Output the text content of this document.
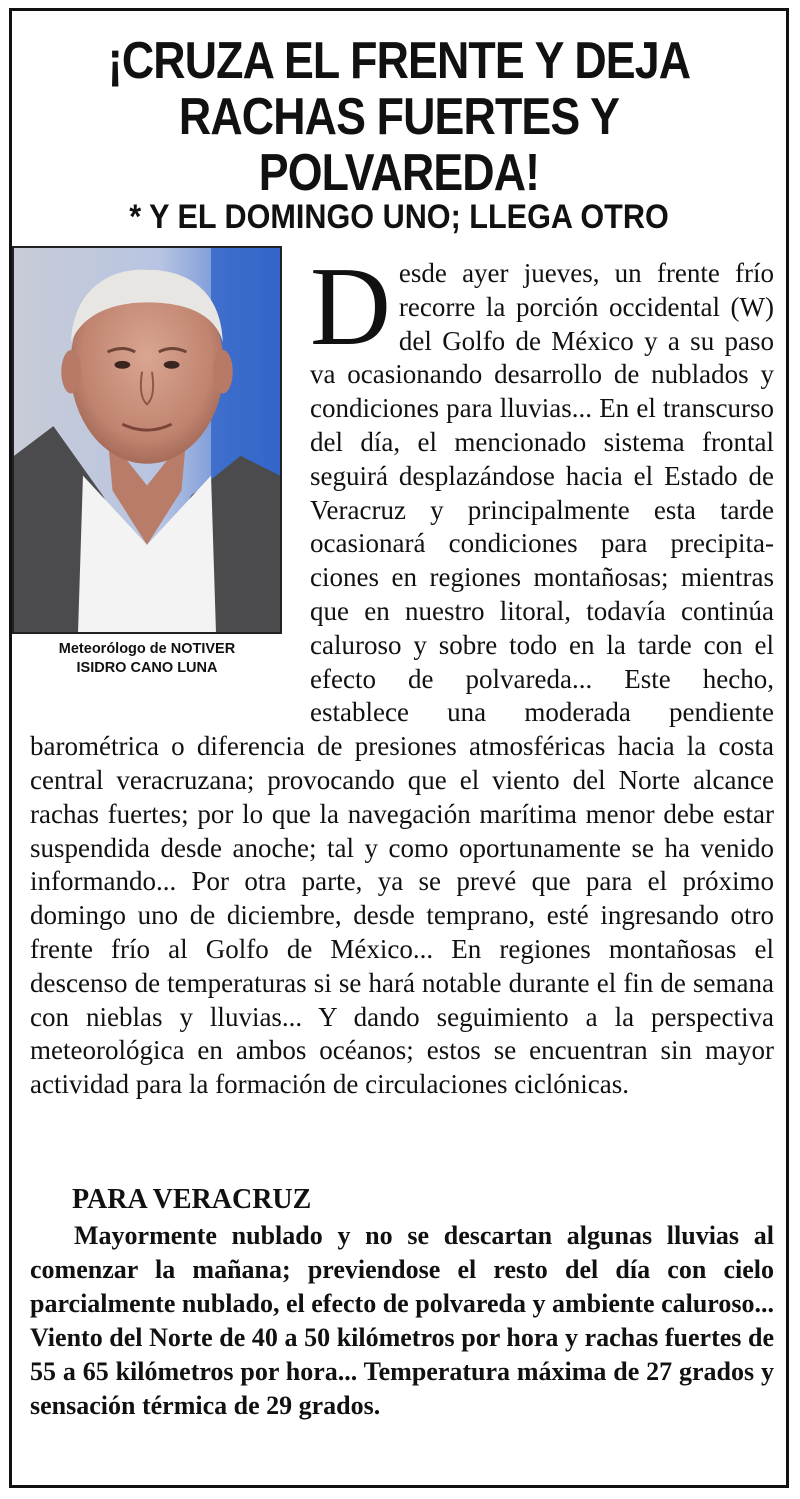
¡CRUZA EL FRENTE Y DEJA
RACHAS FUERTES Y POLVAREDA!
* Y EL DOMINGO UNO; LLEGA OTRO
Meteorólogo de NOTIVER
ISIDRO CANO LUNA
D esde ayer jueves, un frente frío recorre la porción occidental (W) del Golfo de México y a su paso va ocasionando desarrollo de nublados y condiciones para lluvias... En el transcurso del día, el mencionado sistema frontal seguirá desplazándose hacia el Estado de Veracruz y principalmente esta tarde ocasionará condiciones para precipitaciones en regiones montañosas; mientras que en nuestro litoral, todavía continúa caluroso y sobre todo en la tarde con el efecto de polvareda... Este hecho, establece una moderada pendiente barométrica o diferencia de presiones atmosféricas hacia la costa central veracruzana; provocando que el viento del Norte alcance rachas fuertes; por lo que la navegación marítima menor debe estar suspendida desde anoche; tal y como oportunamente se ha venido informando... Por otra parte, ya se prevé que para el próximo domingo uno de diciembre, desde temprano, esté ingresando otro frente frío al Golfo de México... En regiones montañosas el descenso de temperaturas si se hará notable durante el fin de semana con nieblas y lluvias... Y dando seguimiento a la perspectiva meteorológica en ambos océanos; estos se encuentran sin mayor actividad para la formación de circulaciones ciclónicas.
PARA VERACRUZ

Mayormente nublado y no se descartan algunas lluvias al comenzar la mañana; previendose el resto del día con cielo parcialmente nublado, el efecto de polvareda y ambiente caluroso... Viento del Norte de 40 a 50 kilómetros por hora y rachas fuertes de 55 a 65 kilómetros por hora... Temperatura máxima de 27 grados y sensación térmica de 29 grados.
